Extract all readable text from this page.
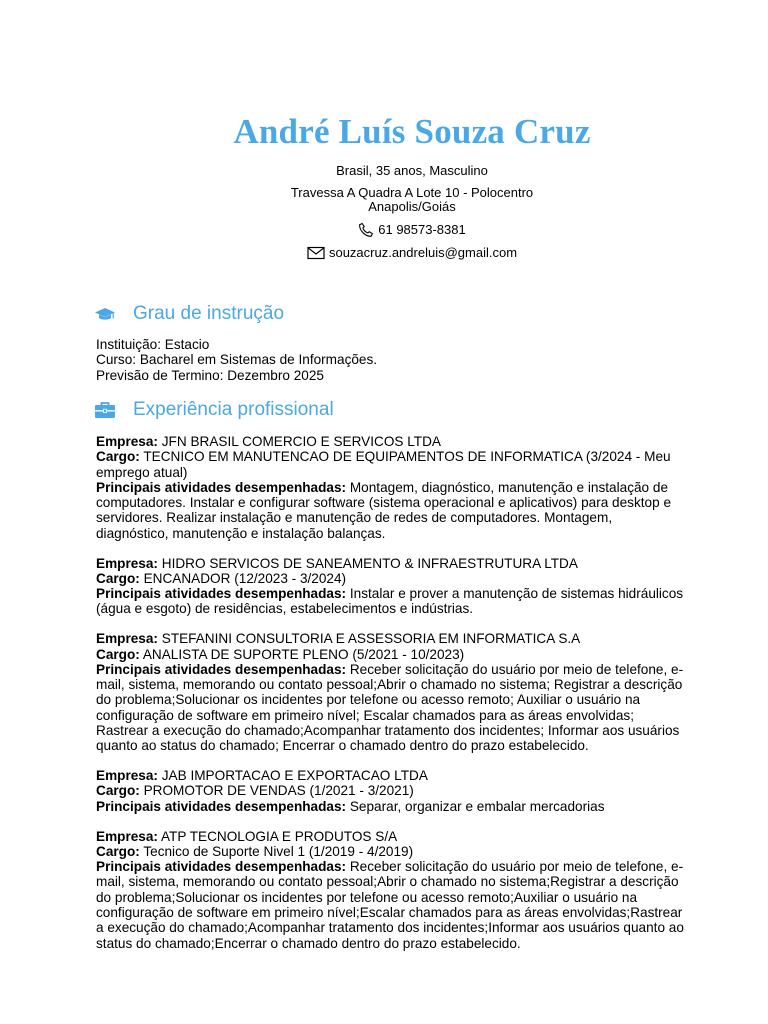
André Luís Souza Cruz
Brasil, 35 anos, Masculino
Travessa A Quadra A Lote 10 - Polocentro
Anapolis/Goiás
61 98573-8381
souzacruz.andreluis@gmail.com
Grau de instrução

Instituição: Estacio

Curso: Bacharel em Sistemas de Informações.

Previsão de Termino: Dezembro 2025

Experiência profissional

Empresa: JFN BRASIL COMERCIO E SERVICOS LTDA

Cargo: TECNICO EM MANUTENCAO DE EQUIPAMENTOS DE INFORMATICA (3/2024 - Meu emprego atual)

Principais atividades desempenhadas: Montagem, diagnóstico, manutenção e instalação de computadores. Instalar e configurar software (sistema operacional e aplicativos) para desktop e servidores. Realizar instalação e manutenção de redes de computadores. Montagem, diagnóstico, manutenção e instalação balanças.

Empresa: HIDRO SERVICOS DE SANEAMENTO & INFRAESTRUTURA LTDA

Cargo: ENCANADOR (12/2023 - 3/2024)

Principais atividades desempenhadas: Instalar e prover a manutenção de sistemas hidráulicos (água e esgoto) de residências, estabelecimentos e indústrias.

Empresa: STEFANINI CONSULTORIA E ASSESSORIA EM INFORMATICA S.A

Cargo: ANALISTA DE SUPORTE PLENO (5/2021 - 10/2023)

Principais atividades desempenhadas: Receber solicitação do usuário por meio de telefone, e-mail, sistema, memorando ou contato pessoal;Abrir o chamado no sistema; Registrar a descrição do problema;Solucionar os incidentes por telefone ou acesso remoto; Auxiliar o usuário na configuração de software em primeiro nível; Escalar chamados para as áreas envolvidas; Rastrear a execução do chamado;Acompanhar tratamento dos incidentes; Informar aos usuários quanto ao status do chamado; Encerrar o chamado dentro do prazo estabelecido.

Empresa: JAB IMPORTACAO E EXPORTACAO LTDA

Cargo: PROMOTOR DE VENDAS (1/2021 - 3/2021)

Principais atividades desempenhadas: Separar, organizar e embalar mercadorias

Empresa: ATP TECNOLOGIA E PRODUTOS S/A

Cargo: Tecnico de Suporte Nivel 1 (1/2019 - 4/2019)

Principais atividades desempenhadas: Receber solicitação do usuário por meio de telefone, e-mail, sistema, memorando ou contato pessoal;Abrir o chamado no sistema;Registrar a descrição do problema;Solucionar os incidentes por telefone ou acesso remoto;Auxiliar o usuário na configuração de software em primeiro nível;Escalar chamados para as áreas envolvidas;Rastrear a execução do chamado;Acompanhar tratamento dos incidentes;Informar aos usuários quanto ao status do chamado;Encerrar o chamado dentro do prazo estabelecido.
